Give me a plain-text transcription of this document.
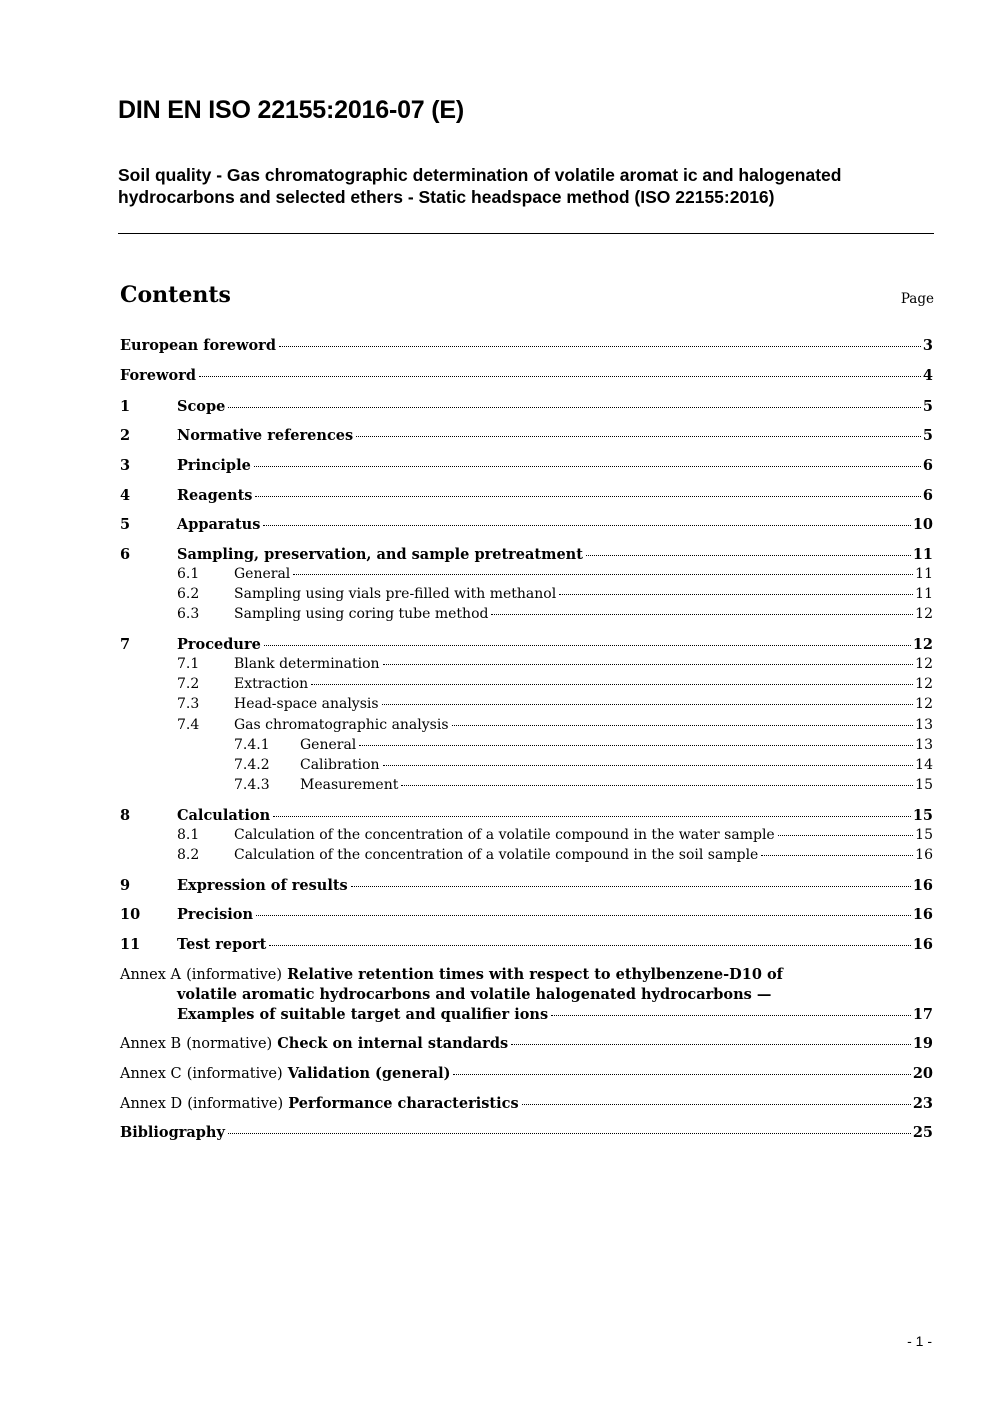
DIN EN ISO 22155:2016-07 (E)
Soil quality - Gas chromatographic determination of volatile aromat ic and halogenated hydrocarbons and selected ethers - Static headspace method (ISO 22155:2016)
Contents	Page
European foreword	3
Foreword	4
1	Scope	5
2	Normative references	5
3	Principle	6
4	Reagents	6
5	Apparatus	10
6	Sampling, preservation, and sample pretreatment	11
6.1	General	11
6.2	Sampling using vials pre-filled with methanol	11
6.3	Sampling using coring tube method	12
7	Procedure	12
7.1	Blank determination	12
7.2	Extraction	12
7.3	Head-space analysis	12
7.4	Gas chromatographic analysis	13
7.4.1	General	13
7.4.2	Calibration	14
7.4.3	Measurement	15
8	Calculation	15
8.1	Calculation of the concentration of a volatile compound in the water sample	15
8.2	Calculation of the concentration of a volatile compound in the soil sample	16
9	Expression of results	16
10	Precision	16
11	Test report	16
Annex A (informative) Relative retention times with respect to ethylbenzene-D10 of
volatile aromatic hydrocarbons and volatile halogenated hydrocarbons —
Examples of suitable target and qualifier ions	17
Annex B (normative) Check on internal standards	19
Annex C (informative) Validation (general)	20
Annex D (informative) Performance characteristics	23
Bibliography	25
- 1 -
